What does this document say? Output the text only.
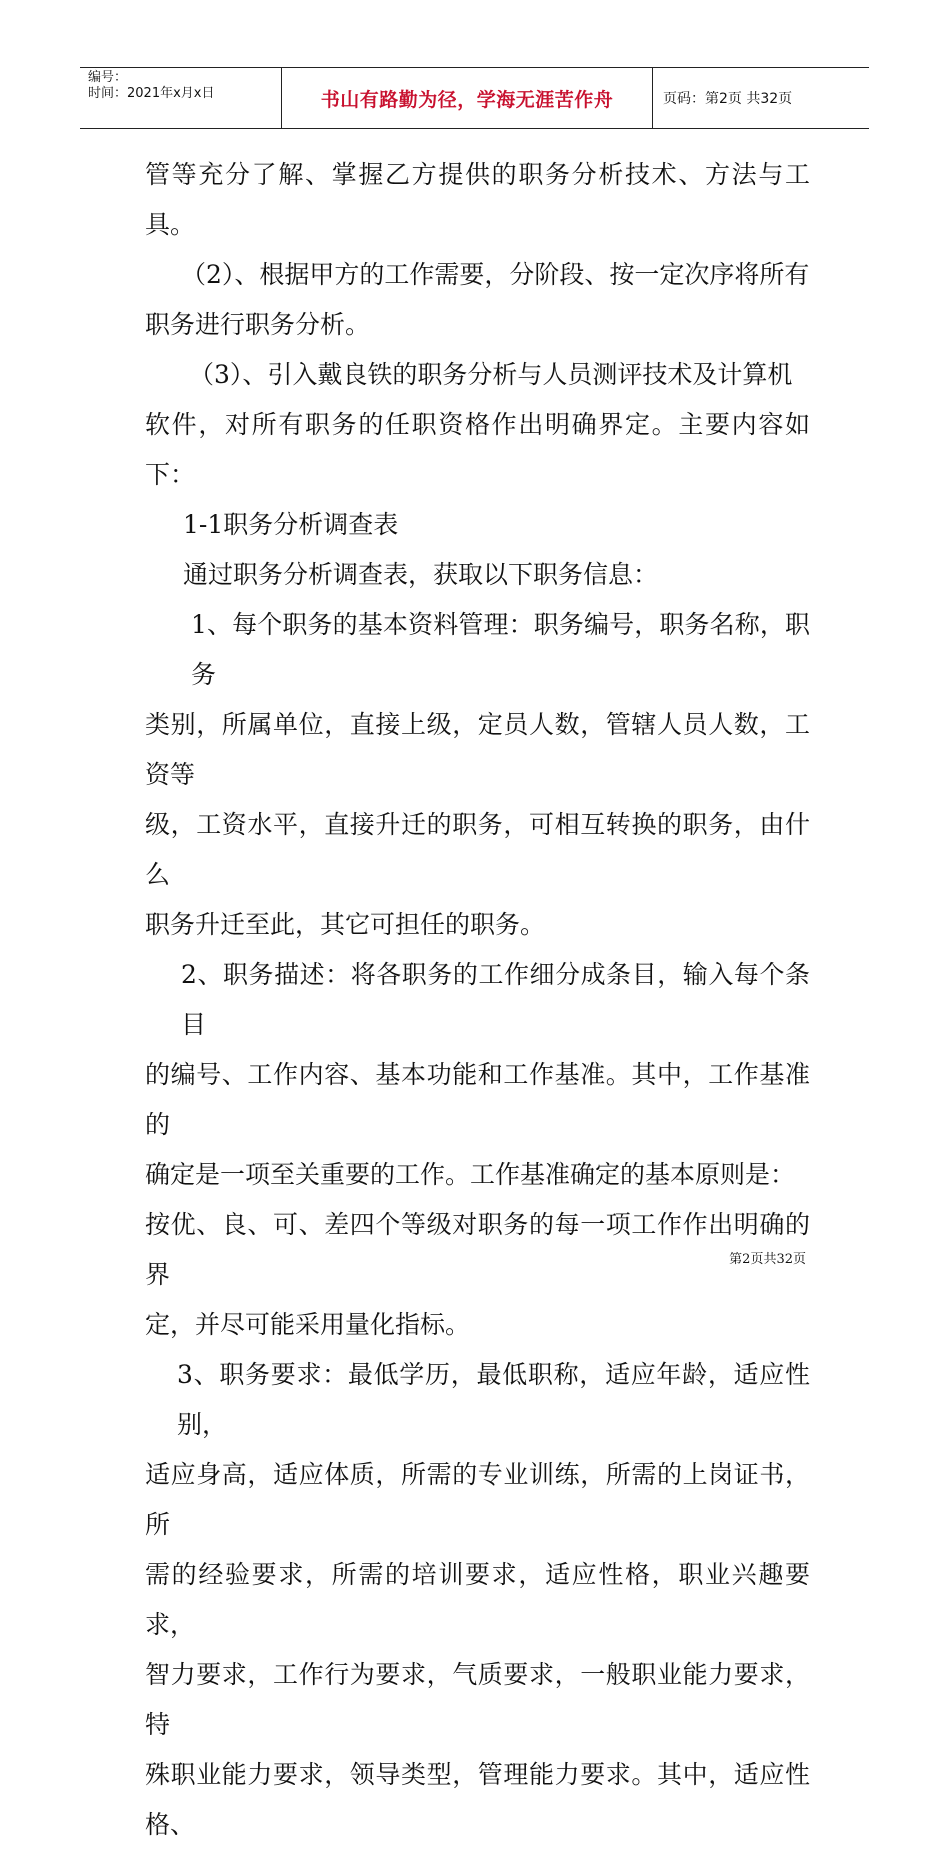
编号：
时间：2021年x月x日	书山有路勤为径，学海无涯苦作舟	页码：第2页 共32页

管等充分了解、掌握乙方提供的职务分析技术、方法与工具。

（2）、根据甲方的工作需要，分阶段、按一定次序将所有

职务进行职务分析。

（3）、引入戴良铁的职务分析与人员测评技术及计算机

软件，对所有职务的任职资格作出明确界定。主要内容如下：

1-1职务分析调查表

通过职务分析调查表，获取以下职务信息：

1、每个职务的基本资料管理：职务编号，职务名称，职务

类别，所属单位，直接上级，定员人数，管辖人员人数，工资等

级，工资水平，直接升迁的职务，可相互转换的职务，由什么

职务升迁至此，其它可担任的职务。

2、职务描述：将各职务的工作细分成条目，输入每个条目

的编号、工作内容、基本功能和工作基准。其中，工作基准的

确定是一项至关重要的工作。工作基准确定的基本原则是：

按优、良、可、差四个等级对职务的每一项工作作出明确的界

定，并尽可能采用量化指标。

3、职务要求：最低学历，最低职称，适应年龄，适应性别，

适应身高，适应体质，所需的专业训练，所需的上岗证书，所

需的经验要求，所需的培训要求，适应性格，职业兴趣要求，

智力要求，工作行为要求，气质要求，一般职业能力要求，特

殊职业能力要求，领导类型，管理能力要求。其中，适应性格、

第2页共32页
